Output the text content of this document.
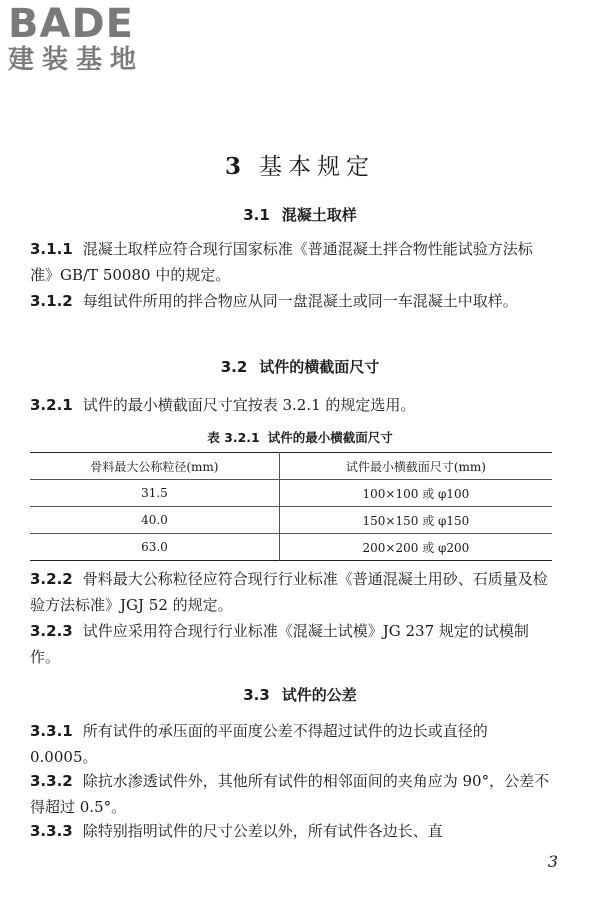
BADE
建装基地
3 基本规定
3.1 混凝土取样

3.1.1 混凝土取样应符合现行国家标准《普通混凝土拌合物性能试验方法标准》GB/T 50080 中的规定。

3.1.2 每组试件所用的拌合物应从同一盘混凝土或同一车混凝土中取样。

3.2 试件的横截面尺寸

3.2.1 试件的最小横截面尺寸宜按表 3.2.1 的规定选用。

表 3.2.1 试件的最小横截面尺寸
骨料最大公称粒径(mm)	试件最小横截面尺寸(mm)
31.5	100×100 或 φ100
40.0	150×150 或 φ150
63.0	200×200 或 φ200

3.2.2 骨料最大公称粒径应符合现行行业标准《普通混凝土用砂、石质量及检验方法标准》JGJ 52 的规定。

3.2.3 试件应采用符合现行行业标准《混凝土试模》JG 237 规定的试模制作。

3.3 试件的公差

3.3.1 所有试件的承压面的平面度公差不得超过试件的边长或直径的 0.0005。

3.3.2 除抗水渗透试件外，其他所有试件的相邻面间的夹角应为 90°，公差不得超过 0.5°。

3.3.3 除特别指明试件的尺寸公差以外，所有试件各边长、直

3
